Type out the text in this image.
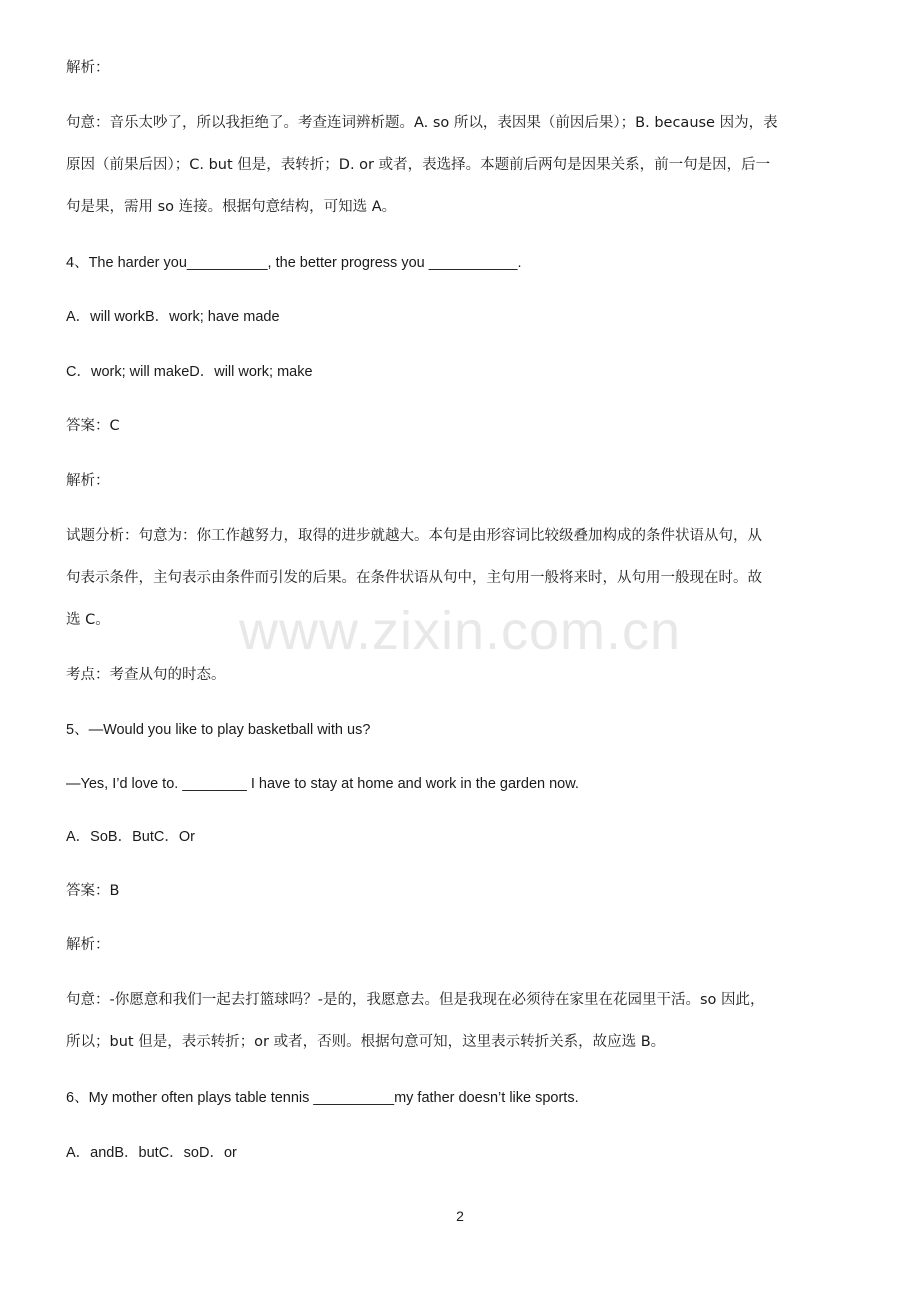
解析：
句意：音乐太吵了，所以我拒绝了。考查连词辨析题。A. so 所以，表因果（前因后果）；B. because 因为，表
原因（前果后因）；C. but 但是，表转折；D. or 或者，表选择。本题前后两句是因果关系，前一句是因，后一
句是果，需用 so 连接。根据句意结构，可知选 A。
4、The harder you__________, the better progress you ___________.
A．will workB．work; have made
C．work; will makeD．will work; make
答案：C
解析：
试题分析：句意为：你工作越努力，取得的进步就越大。本句是由形容词比较级叠加构成的条件状语从句，从
句表示条件，主句表示由条件而引发的后果。在条件状语从句中，主句用一般将来时，从句用一般现在时。故
选 C。
考点：考查从句的时态。
5、—Would you like to play basketball with us?
—Yes, I’d love to. ________ I have to stay at home and work in the garden now.
A．SoB．ButC．Or
答案：B
解析：
句意：-你愿意和我们一起去打篮球吗？-是的，我愿意去。但是我现在必须待在家里在花园里干活。so 因此，
所以；but 但是，表示转折；or 或者，否则。根据句意可知，这里表示转折关系，故应选 B。
6、My mother often plays table tennis __________my father doesn’t like sports.
A．andB．butC．soD．or
www.zixin.com.cn
2
